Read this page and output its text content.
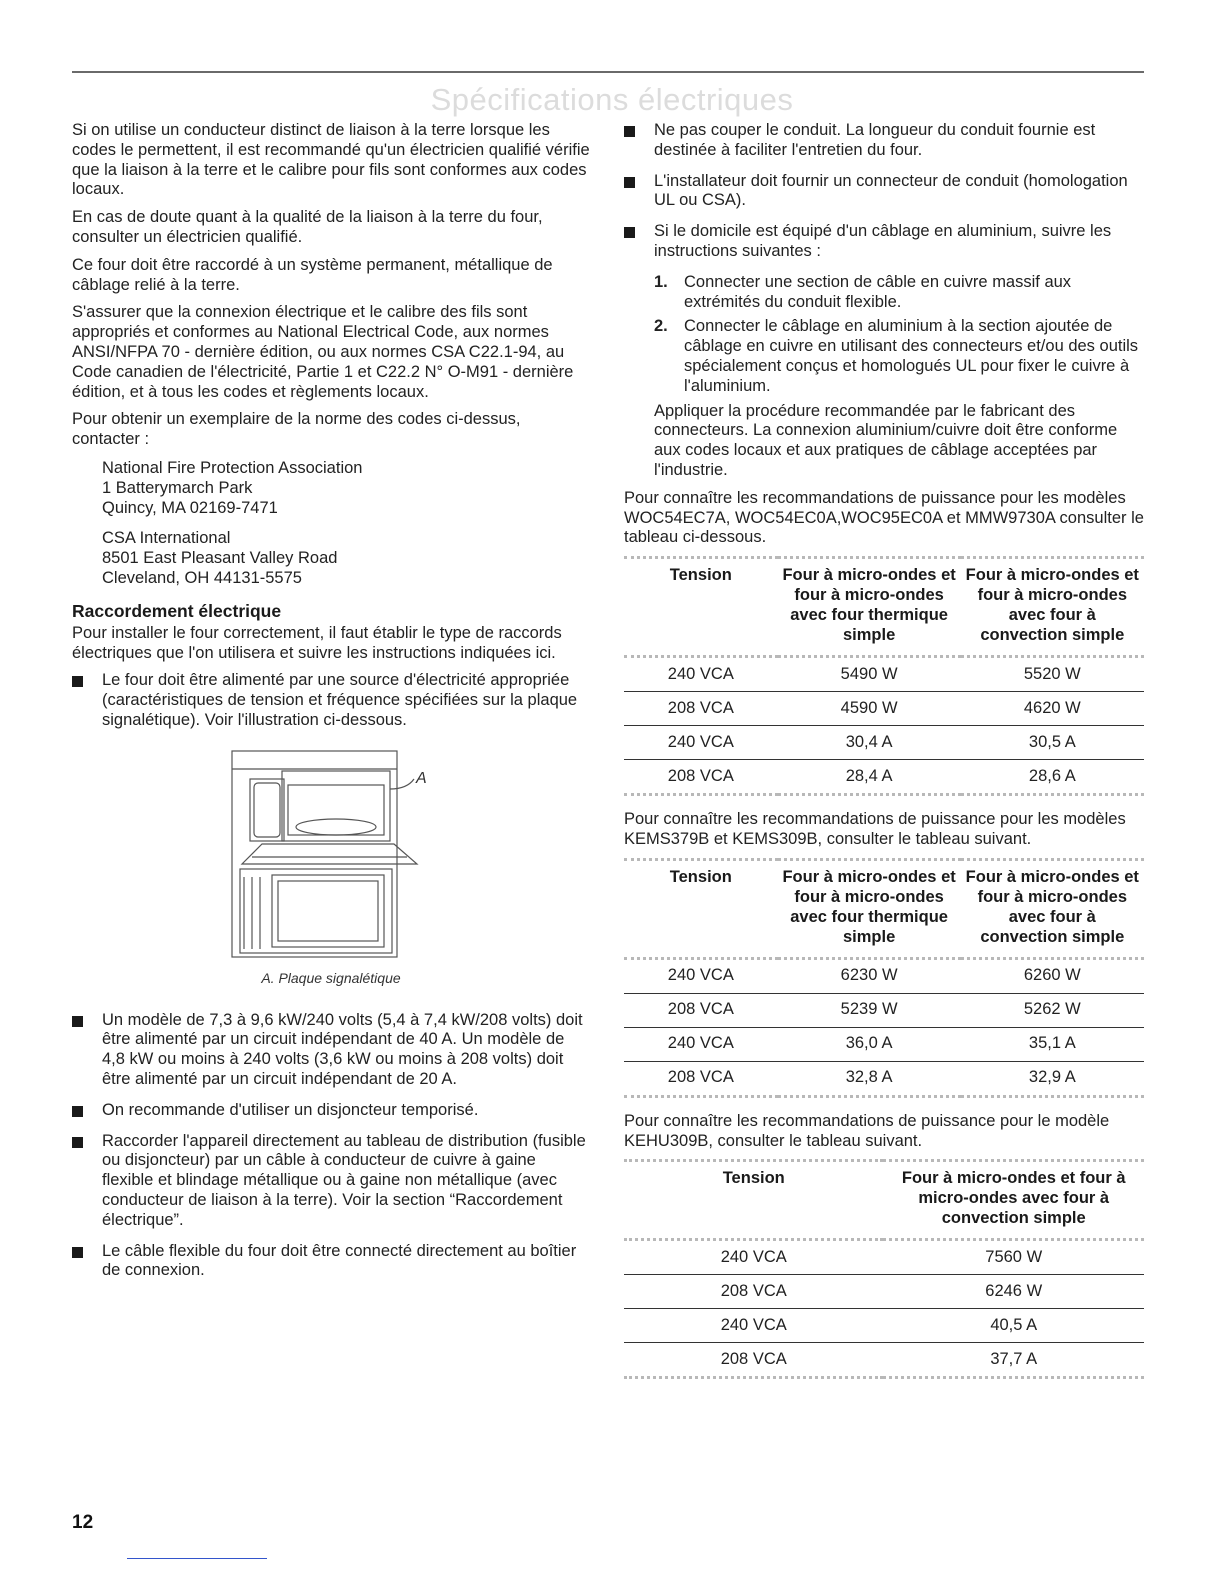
Spécifications électriques

Si on utilise un conducteur distinct de liaison à la terre lorsque les codes le permettent, il est recommandé qu'un électricien qualifié vérifie que la liaison à la terre et le calibre pour fils sont conformes aux codes locaux.

En cas de doute quant à la qualité de la liaison à la terre du four, consulter un électricien qualifié.

Ce four doit être raccordé à un système permanent, métallique de câblage relié à la terre.

S'assurer que la connexion électrique et le calibre des fils sont appropriés et conformes au National Electrical Code, aux normes ANSI/NFPA 70 - dernière édition, ou aux normes CSA C22.1-94, au Code canadien de l'électricité, Partie 1 et C22.2 N° O-M91 - dernière édition, et à tous les codes et règlements locaux.

Pour obtenir un exemplaire de la norme des codes ci-dessus, contacter :

National Fire Protection Association
1 Batterymarch Park
Quincy, MA 02169-7471
CSA International
8501 East Pleasant Valley Road
Cleveland, OH 44131-5575
Raccordement électrique

Pour installer le four correctement, il faut établir le type de raccords électriques que l'on utilisera et suivre les instructions indiquées ici.

Le four doit être alimenté par une source d'électricité appropriée (caractéristiques de tension et fréquence spécifiées sur la plaque signalétique). Voir l'illustration ci-dessous.
A
A. Plaque signalétique
Un modèle de 7,3 à 9,6 kW/240 volts (5,4 à 7,4 kW/208 volts) doit être alimenté par un circuit indépendant de 40 A. Un modèle de 4,8 kW ou moins à 240 volts (3,6 kW ou moins à 208 volts) doit être alimenté par un circuit indépendant de 20 A.
On recommande d'utiliser un disjoncteur temporisé.
Raccorder l'appareil directement au tableau de distribution (fusible ou disjoncteur) par un câble à conducteur de cuivre à gaine flexible et blindage métallique ou à gaine non métallique (avec conducteur de liaison à la terre). Voir la section “Raccordement électrique”.
Le câble flexible du four doit être connecté directement au boîtier de connexion.
Ne pas couper le conduit. La longueur du conduit fournie est destinée à faciliter l'entretien du four.
L'installateur doit fournir un connecteur de conduit (homologation UL ou CSA).
Si le domicile est équipé d'un câblage en aluminium, suivre les instructions suivantes :
1. Connecter une section de câble en cuivre massif aux extrémités du conduit flexible.
2. Connecter le câblage en aluminium à la section ajoutée de câblage en cuivre en utilisant des connecteurs et/ou des outils spécialement conçus et homologués UL pour fixer le cuivre à l'aluminium.

Appliquer la procédure recommandée par le fabricant des connecteurs. La connexion aluminium/cuivre doit être conforme aux codes locaux et aux pratiques de câblage acceptées par l'industrie.

Pour connaître les recommandations de puissance pour les modèles WOC54EC7A, WOC54EC0A,WOC95EC0A et MMW9730A consulter le tableau ci-dessous.

Tension	Four à micro-ondes et four à micro-ondes avec four thermique simple	Four à micro-ondes et four à micro-ondes avec four à convection simple
240 VCA	5490 W	5520 W
208 VCA	4590 W	4620 W
240 VCA	30,4 A	30,5 A
208 VCA	28,4 A	28,6 A

Pour connaître les recommandations de puissance pour les modèles KEMS379B et KEMS309B, consulter le tableau suivant.

Tension	Four à micro-ondes et four à micro-ondes avec four thermique simple	Four à micro-ondes et four à micro-ondes avec four à convection simple
240 VCA	6230 W	6260 W
208 VCA	5239 W	5262 W
240 VCA	36,0 A	35,1 A
208 VCA	32,8 A	32,9 A

Pour connaître les recommandations de puissance pour le modèle KEHU309B, consulter le tableau suivant.

Tension	Four à micro-ondes et four à micro-ondes avec four à convection simple
240 VCA	7560 W
208 VCA	6246 W
240 VCA	40,5 A
208 VCA	37,7 A
12
